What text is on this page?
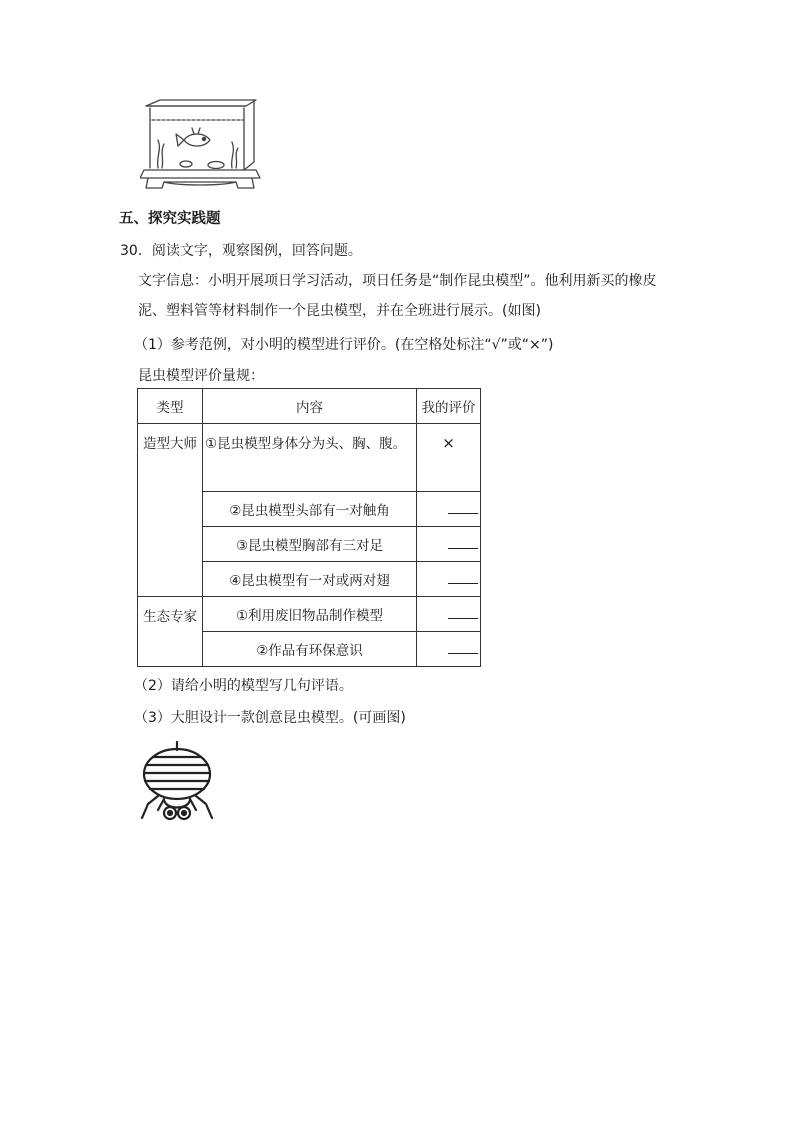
五、探究实践题
30．阅读文字，观察图例，回答问题。
文字信息：小明开展项日学习活动，项日任务是“制作昆虫模型”。他利用新买的橡皮
泥、塑料管等材料制作一个昆虫模型，并在全班进行展示。(如图)
（1）参考范例，对小明的模型进行评价。(在空格处标注“√”或“×”)
昆虫模型评价量规：
类型	内容	我的评价
造型大师	①昆虫模型身体分为头、胸、腹。	×
	②昆虫模型头部有一对触角	
	③昆虫模型胸部有三对足	
	④昆虫模型有一对或两对翅	
生态专家	①利用废旧物品制作模型	
	②作品有环保意识	
（2）请给小明的模型写几句评语。
（3）大胆设计一款创意昆虫模型。(可画图)
